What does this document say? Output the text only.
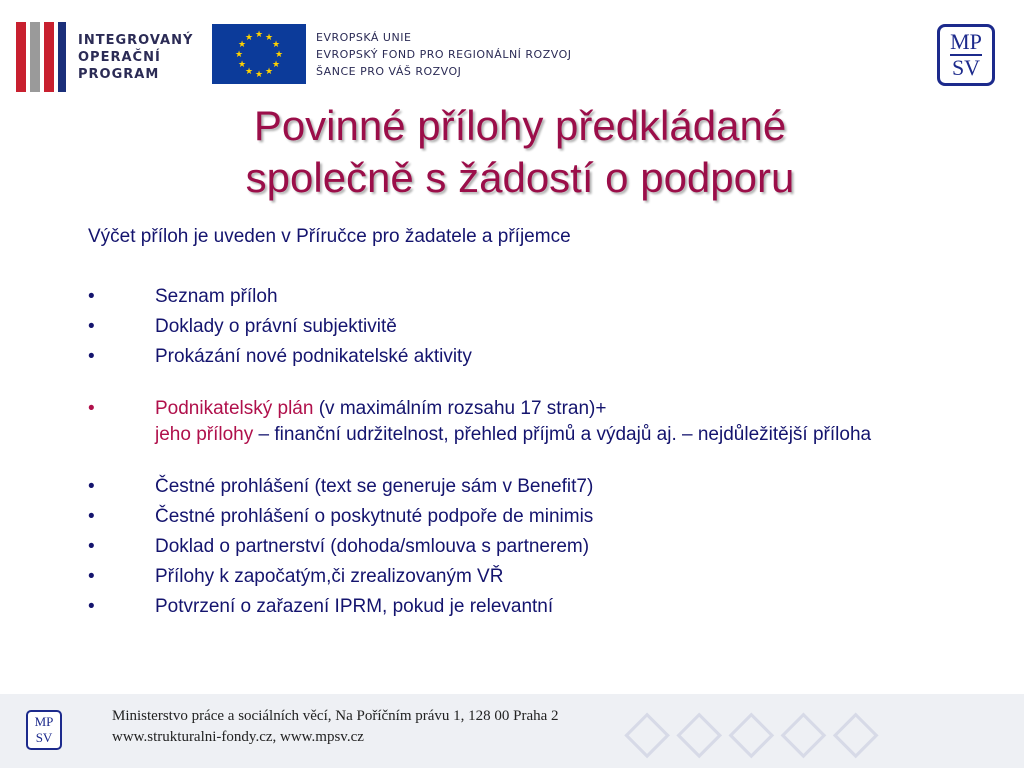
INTEGROVANÝ
OPERAČNÍ
PROGRAM
★ ★
★
★
★
★
★
★
★
★
★
★	EVROPSKÁ UNIE
EVROPSKÝ FOND PRO REGIONÁLNÍ ROZVOJ
ŠANCE PRO VÁŠ ROZVOJ
MP
SV
Povinné přílohy předkládané
společně s žádostí o podporu
Výčet příloh je uveden v Příručce pro žadatele a příjemce
•	Seznam příloh
•	Doklady o právní subjektivitě
•	Prokázání nové podnikatelské aktivity
•	Podnikatelský plán (v maximálním rozsahu 17 stran)+
jeho přílohy – finanční udržitelnost, přehled příjmů a výdajů aj. – nejdůležitější příloha
•	Čestné prohlášení (text se generuje sám v Benefit7)
•	Čestné prohlášení o poskytnuté podpoře de minimis
•	Doklad o partnerství (dohoda/smlouva s partnerem)
•	Přílohy k započatým,či zrealizovaným VŘ
•	Potvrzení o zařazení IPRM, pokud je relevantní
◇◇◇◇◇
MP
SV
Ministerstvo práce a sociálních věcí, Na Poříčním právu 1, 128 00 Praha 2
www.strukturalni-fondy.cz, www.mpsv.cz
